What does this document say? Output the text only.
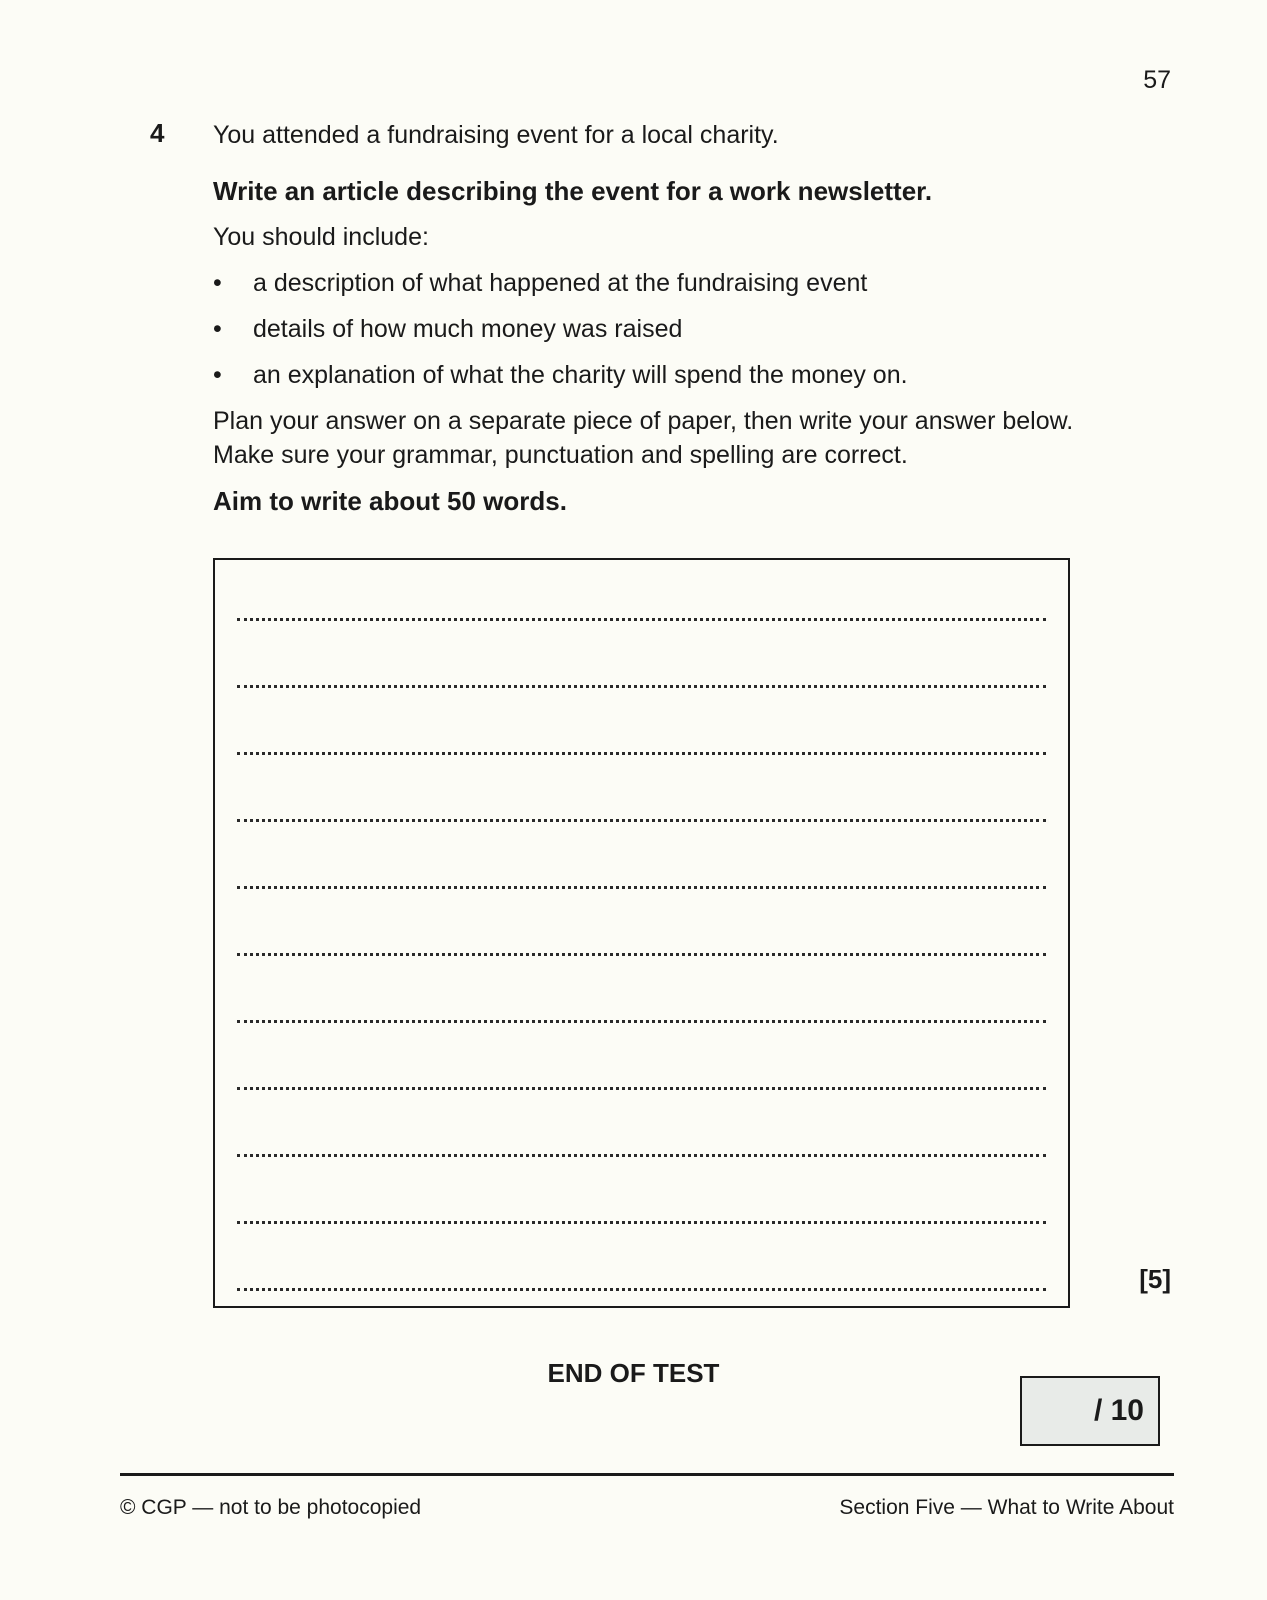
57
4 You attended a fundraising event for a local charity.

Write an article describing the event for a work newsletter.

You should include:

• a description of what happened at the fundraising event
• details of how much money was raised
• an explanation of what the charity will spend the money on.

Plan your answer on a separate piece of paper, then write your answer below.
Make sure your grammar, punctuation and spelling are correct.

Aim to write about 50 words.

[5]
END OF TEST
/ 10
© CGP — not to be photocopied	Section Five — What to Write About
